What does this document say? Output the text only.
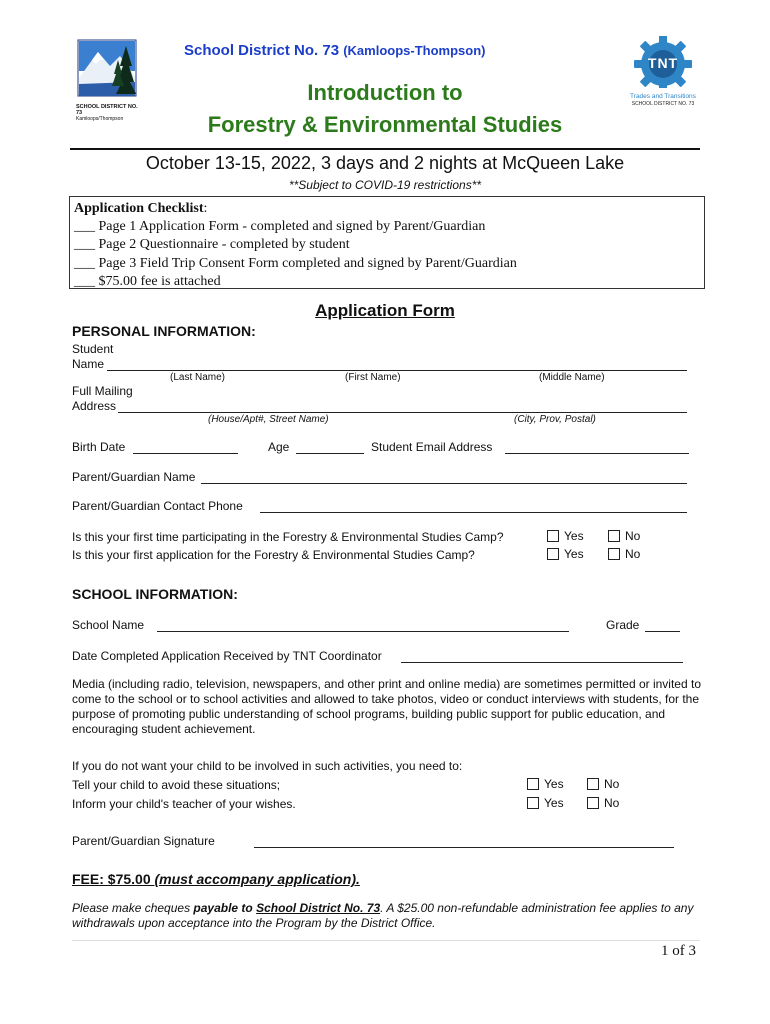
SCHOOL DISTRICT NO. 73
Kamloops/Thompson
TNT
Trades and Transitions
SCHOOL DISTRICT NO. 73
School District No. 73 (Kamloops-Thompson)
Introduction to
Forestry & Environmental Studies
October 13-15, 2022, 3 days and 2 nights at McQueen Lake
**Subject to COVID-19 restrictions**
Application Checklist:
___ Page 1 Application Form - completed and signed by Parent/Guardian
___ Page 2 Questionnaire - completed by student
___ Page 3 Field Trip Consent Form completed and signed by Parent/Guardian
___ $75.00 fee is attached
Application Form
PERSONAL INFORMATION:
Student
Name
(Last Name)	(First Name)	(Middle Name)
Full Mailing
Address
(House/Apt#, Street Name)	(City, Prov, Postal)
Birth Date	Age	Student Email Address
Parent/Guardian Name
Parent/Guardian Contact Phone
Is this your first time participating in the Forestry & Environmental Studies Camp?	Yes	No
Is this your first application for the Forestry & Environmental Studies Camp?	Yes	No
SCHOOL INFORMATION:
School Name	Grade
Date Completed Application Received by TNT Coordinator
Media (including radio, television, newspapers, and other print and online media) are sometimes permitted or invited to come to the school or to school activities and allowed to take photos, video or conduct interviews with students, for the purpose of promoting public understanding of school programs, building public support for public education, and encouraging student achievement.
If you do not want your child to be involved in such activities, you need to:
Tell your child to avoid these situations;	Yes	No
Inform your child's teacher of your wishes.	Yes	No
Parent/Guardian Signature
FEE: $75.00 (must accompany application).
Please make cheques payable to School District No. 73. A $25.00 non-refundable administration fee applies to any withdrawals upon acceptance into the Program by the District Office.
1 of 3
